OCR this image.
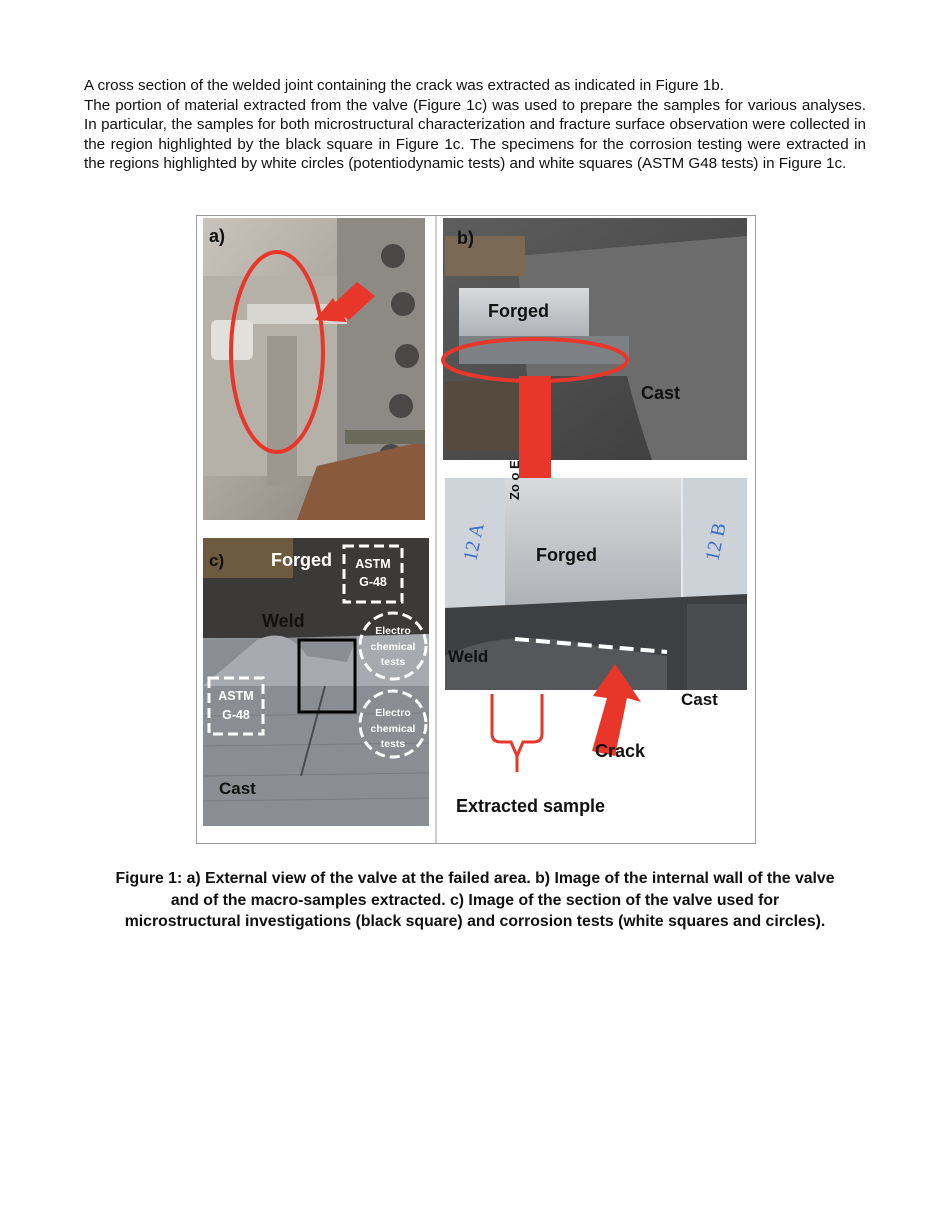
A cross section of the welded joint containing the crack was extracted as indicated in Figure 1b.

The portion of material extracted from the valve (Figure 1c) was used to prepare the samples for various analyses. In particular, the samples for both microstructural characterization and fracture surface observation were collected in the region highlighted by the black square in Figure 1c. The specimens for the corrosion testing were extracted in the regions highlighted by white circles (potentiodynamic tests) and white squares (ASTM G48 tests) in Figure 1c.

a)
Forged
Cast
b)
Zo o E
12 A	12 B
Forged
Weld
Cast
Crack
Extracted sample
c)	Forged
Weld
Cast
ASTM
G-48
ASTM
G-48
Electro
chemical
tests
Electro
chemical
tests
Figure 1: a) External view of the valve at the failed area. b) Image of the internal wall of the valve
and of the macro-samples extracted. c) Image of the section of the valve used for
microstructural investigations (black square) and corrosion tests (white squares and circles).
